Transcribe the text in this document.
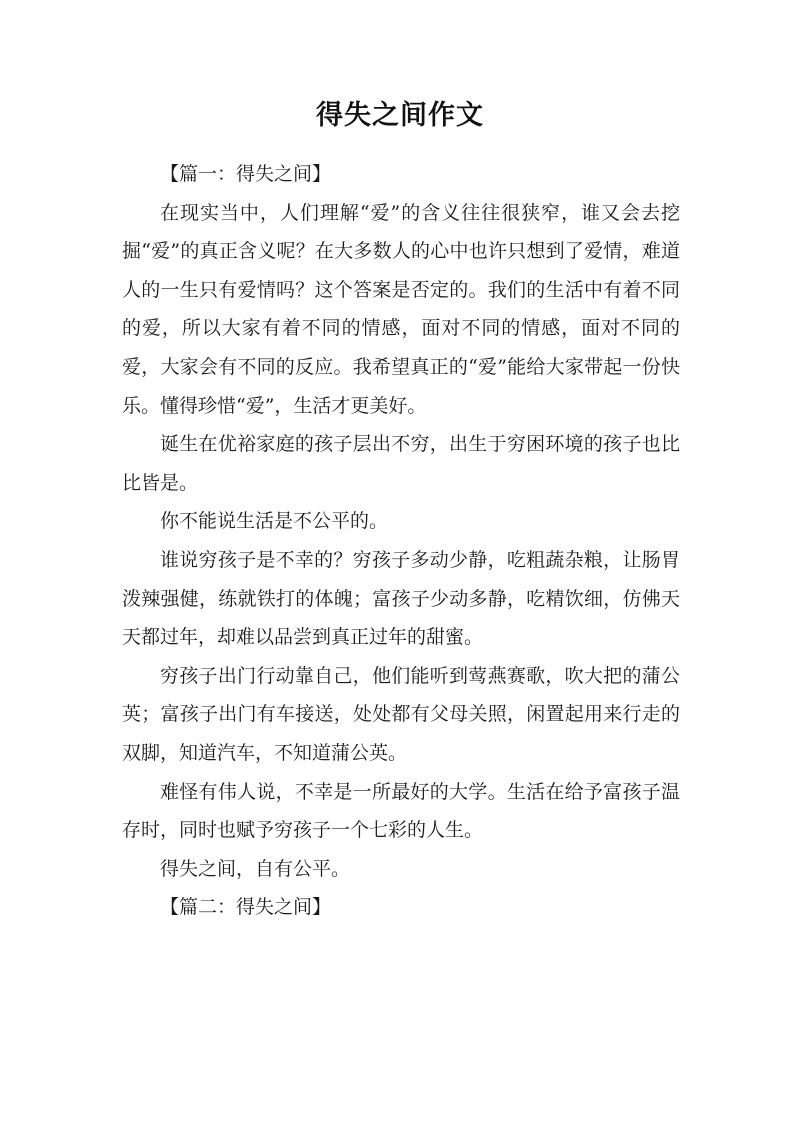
得失之间作文

【篇一：得失之间】

在现实当中，人们理解“爱”的含义往往很狭窄，谁又会去挖掘“爱”的真正含义呢？在大多数人的心中也许只想到了爱情，难道人的一生只有爱情吗？这个答案是否定的。我们的生活中有着不同的爱，所以大家有着不同的情感，面对不同的情感，面对不同的爱，大家会有不同的反应。我希望真正的“爱”能给大家带起一份快乐。懂得珍惜“爱”，生活才更美好。

诞生在优裕家庭的孩子层出不穷，出生于穷困环境的孩子也比比皆是。

你不能说生活是不公平的。

谁说穷孩子是不幸的？穷孩子多动少静，吃粗蔬杂粮，让肠胃泼辣强健，练就铁打的体魄；富孩子少动多静，吃精饮细，仿佛天天都过年，却难以品尝到真正过年的甜蜜。

穷孩子出门行动靠自己，他们能听到莺燕赛歌，吹大把的蒲公英；富孩子出门有车接送，处处都有父母关照，闲置起用来行走的双脚，知道汽车，不知道蒲公英。

难怪有伟人说，不幸是一所最好的大学。生活在给予富孩子温存时，同时也赋予穷孩子一个七彩的人生。

得失之间，自有公平。

【篇二：得失之间】
